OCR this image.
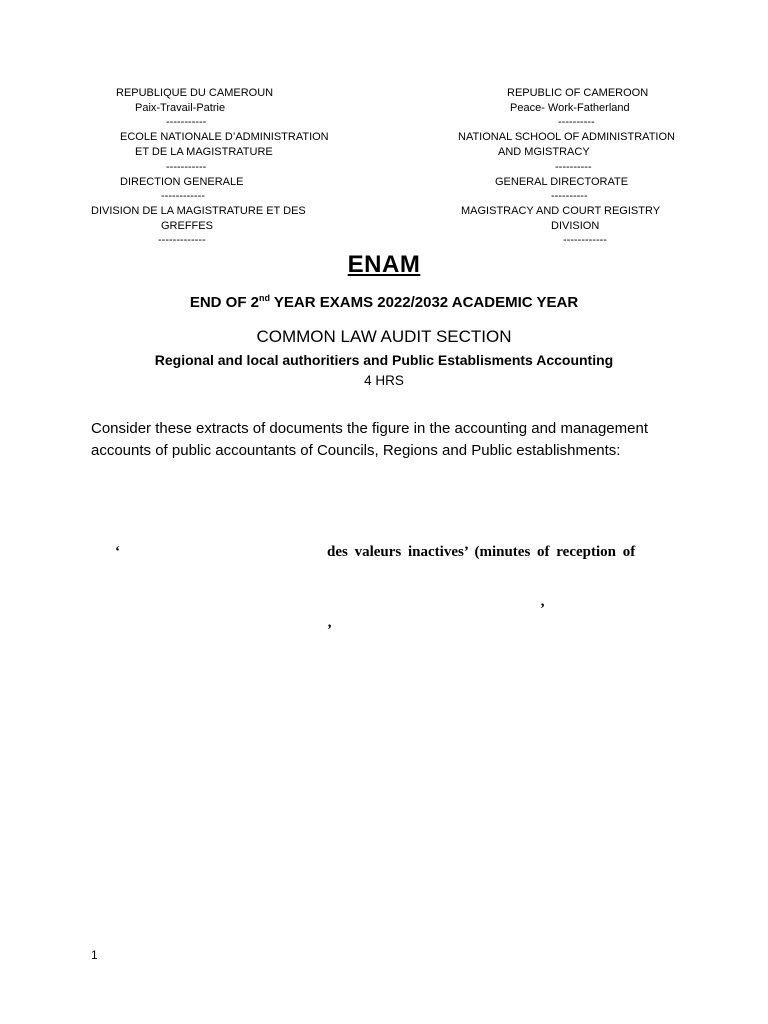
REPUBLIQUE DU CAMEROUN
Paix-Travail-Patrie
-----------
ECOLE NATIONALE D’ADMINISTRATION
ET DE LA MAGISTRATURE
-----------
DIRECTION GENERALE
------------
DIVISION DE LA MAGISTRATURE ET DES
GREFFES
-------------
REPUBLIC OF CAMEROON
Peace- Work-Fatherland
----------
NATIONAL SCHOOL OF ADMINISTRATION
AND MGISTRACY
----------
GENERAL DIRECTORATE
----------
MAGISTRACY AND COURT REGISTRY
DIVISION
------------
ENAM
END OF 2nd YEAR EXAMS 2022/2032 ACADEMIC YEAR
COMMON LAW AUDIT SECTION
Regional and local authoritiers and Public Establisments Accounting
4 HRS
Consider these extracts of documents the figure in the accounting and management accounts of public accountants of Councils, Regions and Public establishments:
‘	des valeurs inactives’ (minutes of reception of
’
’
1
